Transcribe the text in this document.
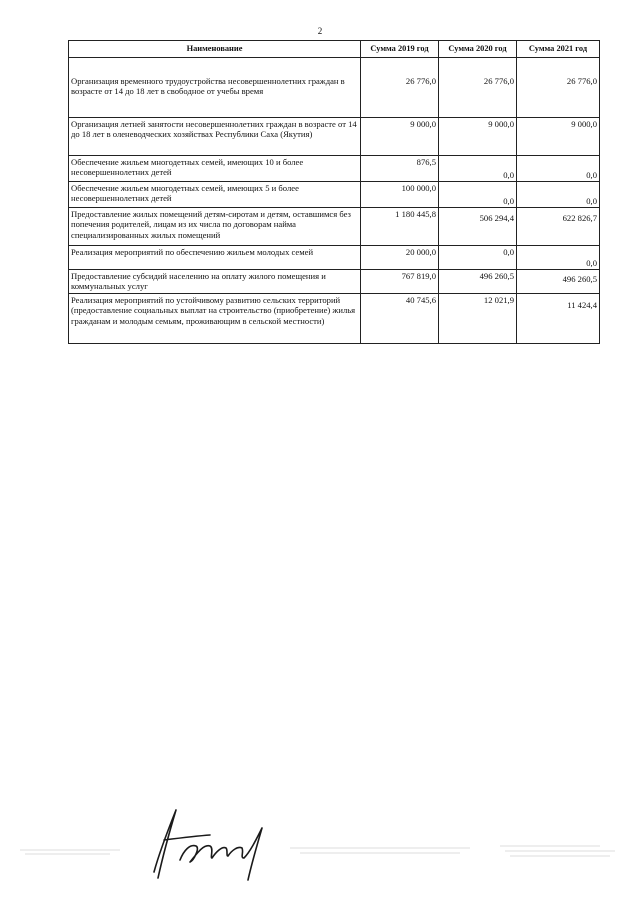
2
Наименование	Сумма 2019 год	Сумма 2020 год	Сумма 2021 год
Организация временного трудоустройства несовершеннолетних граждан в возрасте от 14 до 18 лет в свободное от учебы время	26 776,0	26 776,0	26 776,0
Организация летней занятости несовершеннолетних граждан в возрасте от 14 до 18 лет в оленеводческих хозяйствах Республики Саха (Якутия)	9 000,0	9 000,0	9 000,0
Обеспечение жильем многодетных семей, имеющих 10 и более несовершеннолетних детей	876,5	0,0	0,0
Обеспечение жильем многодетных семей, имеющих 5 и более несовершеннолетних детей	100 000,0	0,0	0,0
Предоставление жилых помещений детям-сиротам и детям, оставшимся без попечения родителей, лицам из их числа по договорам найма специализированных жилых помещений	1 180 445,8	506 294,4	622 826,7
Реализация мероприятий по обеспечению жильем молодых семей	20 000,0	0,0	0,0
Предоставление субсидий населению на оплату жилого помещения и коммунальных услуг	767 819,0	496 260,5	496 260,5
Реализация мероприятий по устойчивому развитию сельских территорий (предоставление социальных выплат на строительство (приобретение) жилья гражданам и молодым семьям, проживающим в сельской местности)	40 745,6	12 021,9	11 424,4
